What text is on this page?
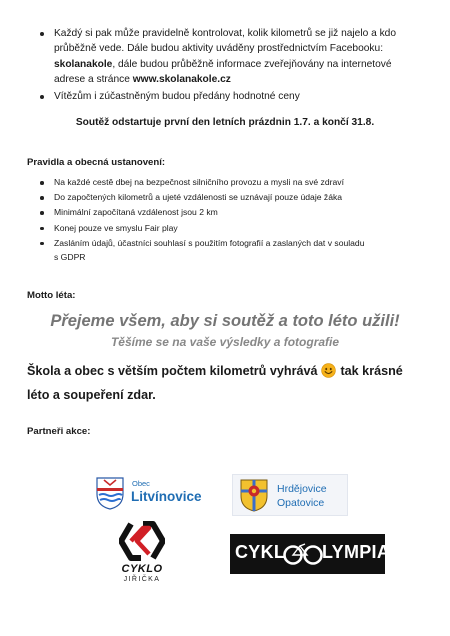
Každý si pak může pravidelně kontrolovat, kolik kilometrů se již najelo a kdo průběžně vede. Dále budou aktivity uváděny prostřednictvím Facebooku: skolanakole, dále budou průběžně informace zveřejňovány na internetové adrese a stránce www.skolanakole.cz
Vítězům i zúčastněným budou předány hodnotné ceny
Soutěž odstartuje první den letních prázdnin 1.7. a končí 31.8.
Pravidla a obecná ustanovení:
Na každé cestě dbej na bezpečnost silničního provozu a mysli na své zdraví
Do započtených kilometrů a ujeté vzdálenosti se uznávají pouze údaje žáka
Minimální započítaná vzdálenost jsou 2 km
Konej pouze ve smyslu Fair play
Zasláním údajů, účastníci souhlasí s použitím fotografií a zaslaných dat v souladu
s GDPR
Motto léta:
Přejeme všem, aby si soutěž a toto léto užili!
Těšíme se na vaše výsledky a fotografie
Škola a obec s větším počtem kilometrů vyhrává tak krásné léto a soupeření zdar.
Partneři akce:
Obec
Litvínovice	Hrdějovice
Opatovice
CYKLO
JIŘIČKA
CYKL LYMPIA
